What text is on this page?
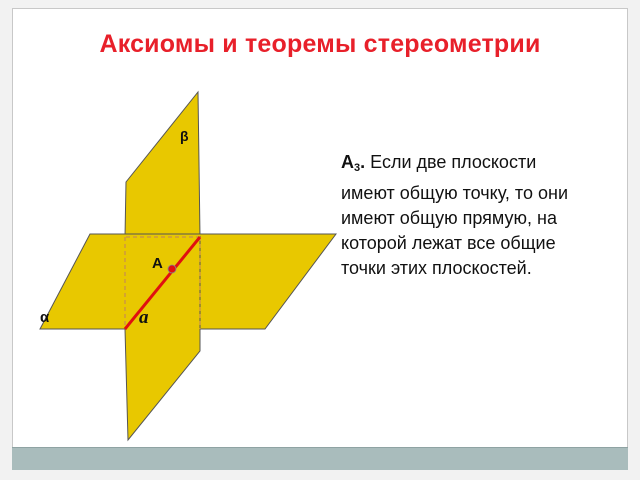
Аксиомы и теоремы стереометрии
β
α
A
a
$А_3$. Если две плоскости имеют общую точку, то они имеют общую прямую, на которой лежат все общие точки этих плоскостей.
